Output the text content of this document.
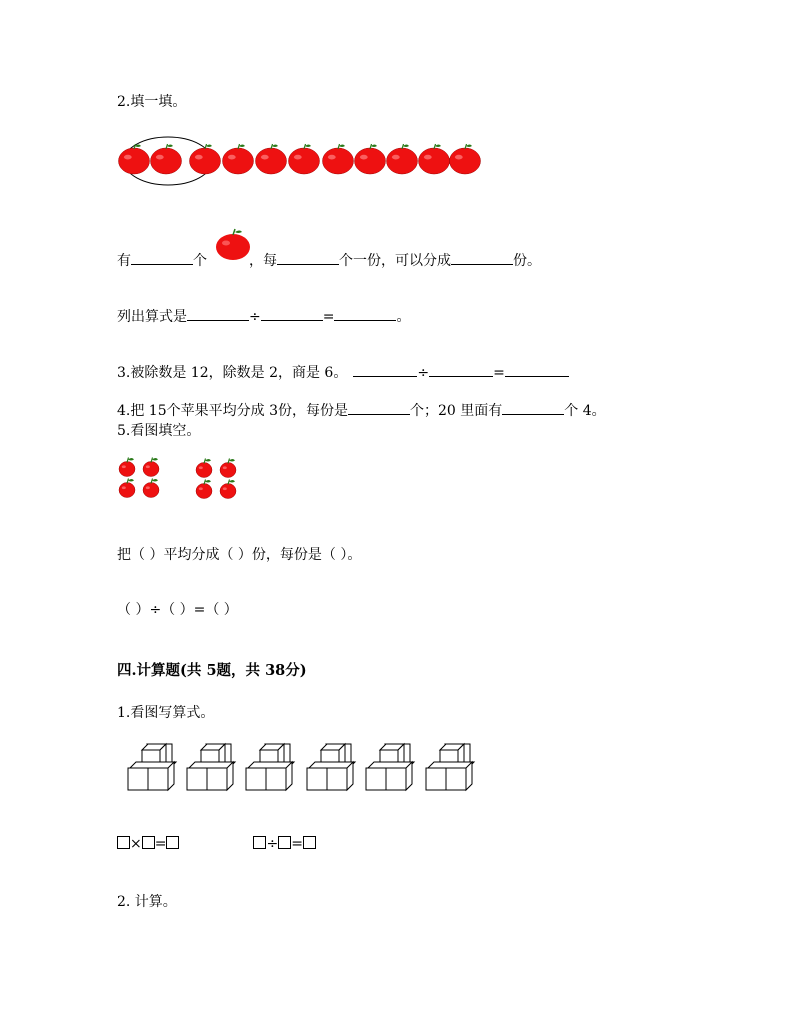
2.填一填。
有	个	，每	个一份，可以分成	份。
列出算式是	÷	=	。
3.被除数是 12，除数是 2，商是 6。	÷	=
4.把 15个苹果平均分成 3份，每份是	个；20 里面有	个 4。
5.看图填空。
把（ ）平均分成（ ）份，每份是（ ）。
（ ）÷（ ）=（ ）
四.计算题(共 5题，共 38分)
1.看图写算式。
× =	÷ =
2. 计算。
